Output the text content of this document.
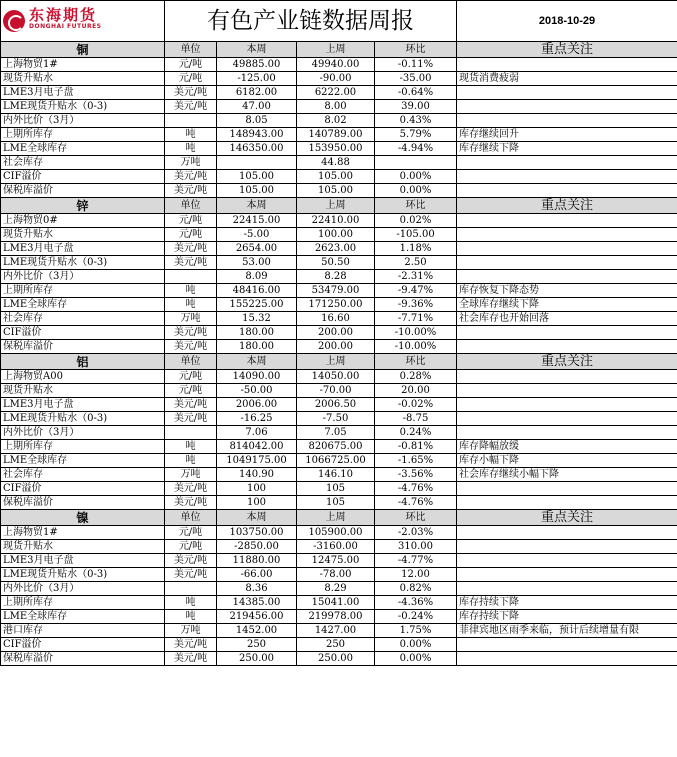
东海期货
DONGHAI FUTURES	有色产业链数据周报				2018-10-29
铜	单位	本周	上周	环比	重点关注
上海物贸1#	元/吨	49885.00	49940.00	-0.11%	
现货升贴水	元/吨	-125.00	-90.00	-35.00	现货消费疲弱
LME3月电子盘	美元/吨	6182.00	6222.00	-0.64%	
LME现货升贴水（0-3)	美元/吨	47.00	8.00	39.00	
内外比价（3月）		8.05	8.02	0.43%	
上期所库存	吨	148943.00	140789.00	5.79%	库存继续回升
LME全球库存	吨	146350.00	153950.00	-4.94%	库存继续下降
社会库存	万吨		44.88		
CIF溢价	美元/吨	105.00	105.00	0.00%	
保税库溢价	美元/吨	105.00	105.00	0.00%	
锌	单位	本周	上周	环比	重点关注
上海物贸0#	元/吨	22415.00	22410.00	0.02%	
现货升贴水	元/吨	-5.00	100.00	-105.00	
LME3月电子盘	美元/吨	2654.00	2623.00	1.18%	
LME现货升贴水（0-3)	美元/吨	53.00	50.50	2.50	
内外比价（3月）		8.09	8.28	-2.31%	
上期所库存	吨	48416.00	53479.00	-9.47%	库存恢复下降态势
LME全球库存	吨	155225.00	171250.00	-9.36%	全球库存继续下降
社会库存	万吨	15.32	16.60	-7.71%	社会库存也开始回落
CIF溢价	美元/吨	180.00	200.00	-10.00%	
保税库溢价	美元/吨	180.00	200.00	-10.00%	
铝	单位	本周	上周	环比	重点关注
上海物贸A00	元/吨	14090.00	14050.00	0.28%	
现货升贴水	元/吨	-50.00	-70.00	20.00	
LME3月电子盘	美元/吨	2006.00	2006.50	-0.02%	
LME现货升贴水（0-3)	美元/吨	-16.25	-7.50	-8.75	
内外比价（3月）		7.06	7.05	0.24%	
上期所库存	吨	814042.00	820675.00	-0.81%	库存降幅放缓
LME全球库存	吨	1049175.00	1066725.00	-1.65%	库存小幅下降
社会库存	万吨	140.90	146.10	-3.56%	社会库存继续小幅下降
CIF溢价	美元/吨	100	105	-4.76%	
保税库溢价	美元/吨	100	105	-4.76%	
镍	单位	本周	上周	环比	重点关注
上海物贸1#	元/吨	103750.00	105900.00	-2.03%	
现货升贴水	元/吨	-2850.00	-3160.00	310.00	
LME3月电子盘	美元/吨	11880.00	12475.00	-4.77%	
LME现货升贴水（0-3)	美元/吨	-66.00	-78.00	12.00	
内外比价（3月）		8.36	8.29	0.82%	
上期所库存	吨	14385.00	15041.00	-4.36%	库存持续下降
LME全球库存	吨	219456.00	219978.00	-0.24%	库存持续下降
港口库存	万吨	1452.00	1427.00	1.75%	菲律宾地区雨季来临，预计后续增量有限
CIF溢价	美元/吨	250	250	0.00%	
保税库溢价	美元/吨	250.00	250.00	0.00%	
